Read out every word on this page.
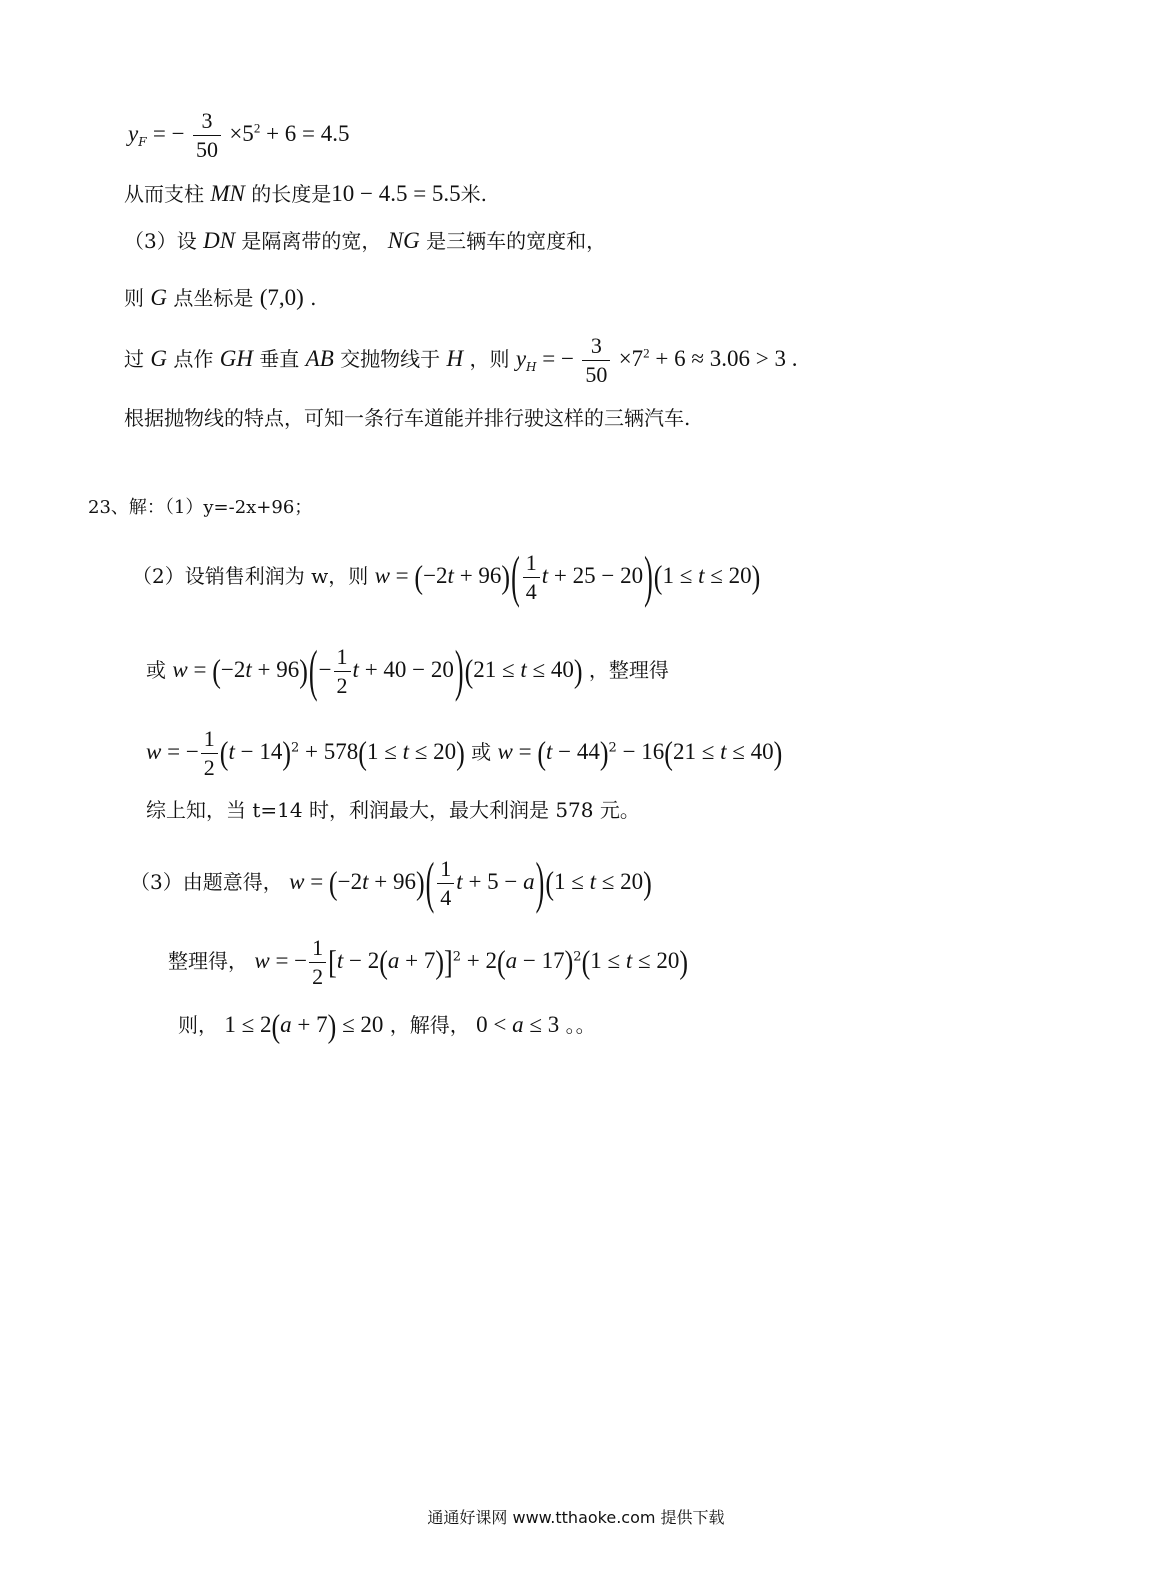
$y_F$ = − $\frac{3}{50} \times 5^2 + 6 = 4.5$
从而支柱 MN 的长度是10 − 4.5 = 5.5米.
（3）设 DN 是隔离带的宽， NG 是三辆车的宽度和，
则 G 点坐标是 (7,0) .
过 G 点作 GH 垂直 AB 交抛物线于 H ，则 $y_H$ = − $\frac{3}{50} \times 7^2 + 6 \approx 3.06 > 3$ .
根据抛物线的特点，可知一条行车道能并排行驶这样的三辆汽车.
23、解：（1）y=-2x+96；
（2）设销售利润为 w，则 $w = (-2t + 96)( \frac{1}{4}$ t + 25 − 20)(1 ≤ t ≤ 20)
或 $w = (-2t + 96)(- \frac{1}{2}$ t + 40 − 20)(21 ≤ t ≤ 40) ，整理得
w = − $\frac{1}{2} (t - 14)^2 + 578(1 \le t \le 20)$ 或 $w = (t - 44)^2 - 16(21 \le t \le 40)$
综上知，当 t=14 时，利润最大，最大利润是 578 元。
（3）由题意得， $w = (-2t + 96)( \frac{1}{4}$ t + 5 − a)(1 ≤ t ≤ 20)
整理得， w = − $\frac{1}{2} [t - 2(a + 7)]^2 + 2(a - 17)^2(1 \le t \le 20)$
则， 1 ≤ 2(a + 7) ≤ 20 ，解得， 0 < a ≤ 3 。。
通通好课网 www.tthaoke.com 提供下载
